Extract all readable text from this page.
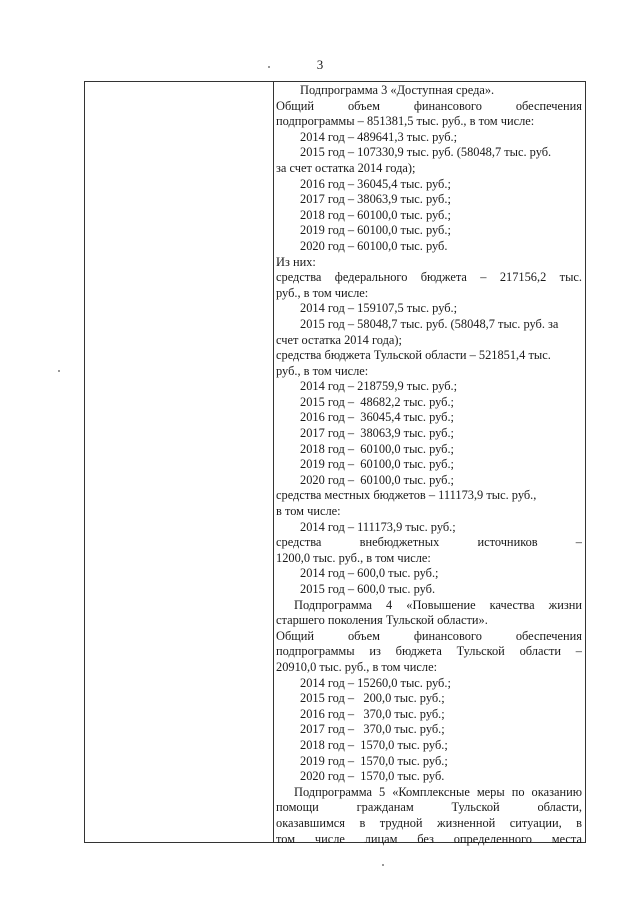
3
Подпрограмма 3 «Доступная среда».
Общий объем финансового обеспечения
подпрограммы – 851381,5 тыс. руб., в том числе:
2014 год – 489641,3 тыс. руб.;
2015 год – 107330,9 тыс. руб. (58048,7 тыс. руб.
за счет остатка 2014 года);
2016 год – 36045,4 тыс. руб.;
2017 год – 38063,9 тыс. руб.;
2018 год – 60100,0 тыс. руб.;
2019 год – 60100,0 тыс. руб.;
2020 год – 60100,0 тыс. руб.
Из них:
средства федерального бюджета – 217156,2 тыс.
руб., в том числе:
2014 год – 159107,5 тыс. руб.;
2015 год – 58048,7 тыс. руб. (58048,7 тыс. руб. за
счет остатка 2014 года);
средства бюджета Тульской области – 521851,4 тыс.
руб., в том числе:
2014 год – 218759,9 тыс. руб.;
2015 год –  48682,2 тыс. руб.;
2016 год –  36045,4 тыс. руб.;
2017 год –  38063,9 тыс. руб.;
2018 год –  60100,0 тыс. руб.;
2019 год –  60100,0 тыс. руб.;
2020 год –  60100,0 тыс. руб.;
средства местных бюджетов – 111173,9 тыс. руб.,
в том числе:
2014 год – 111173,9 тыс. руб.;
средства внебюджетных источников –
1200,0 тыс. руб., в том числе:
2014 год – 600,0 тыс. руб.;
2015 год – 600,0 тыс. руб.
Подпрограмма 4 «Повышение качества жизни
старшего поколения Тульской области».
Общий объем финансового обеспечения
подпрограммы из бюджета Тульской области –
20910,0 тыс. руб., в том числе:
2014 год – 15260,0 тыс. руб.;
2015 год –   200,0 тыс. руб.;
2016 год –   370,0 тыс. руб.;
2017 год –   370,0 тыс. руб.;
2018 год –  1570,0 тыс. руб.;
2019 год –  1570,0 тыс. руб.;
2020 год –  1570,0 тыс. руб.
Подпрограмма 5 «Комплексные меры по оказанию
помощи гражданам Тульской области,
оказавшимся в трудной жизненной ситуации, в
том числе лицам без определенного места
